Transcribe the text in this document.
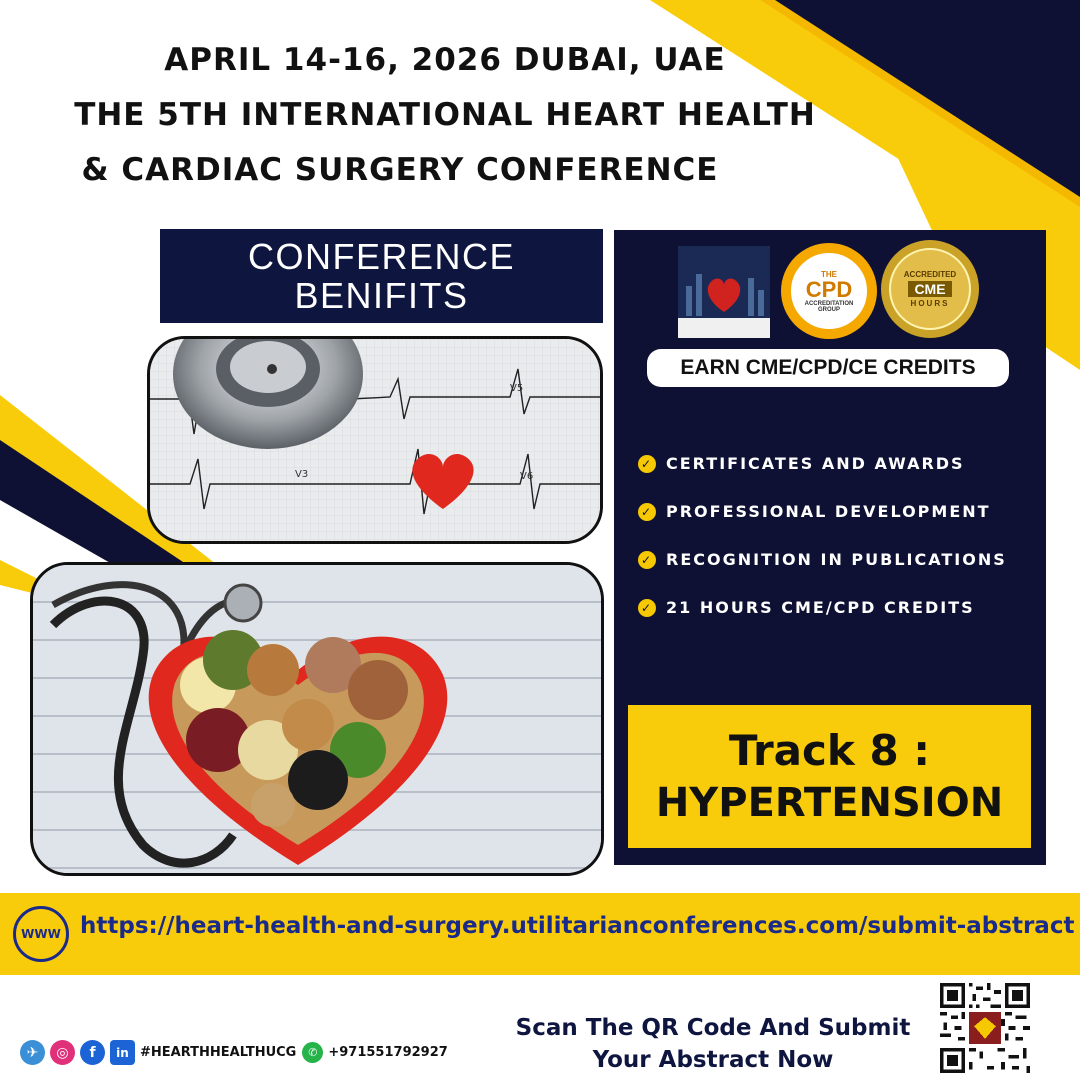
APRIL 14-16, 2026 DUBAI, UAE
THE 5TH INTERNATIONAL HEART HEALTH
& CARDIAC SURGERY CONFERENCE
CONFERENCE
BENIFITS
V5
V3	V6
THE
CPD
ACCREDITATION
GROUP
ACCREDITED
CME
HOURS
EARN CME/CPD/CE CREDITS
✓ CERTIFICATES AND AWARDS
✓ PROFESSIONAL DEVELOPMENT
✓ RECOGNITION IN PUBLICATIONS
✓ 21 HOURS CME/CPD CREDITS
Track 8 :
HYPERTENSION
WWW https://heart-health-and-surgery.utilitarianconferences.com/submit-abstract
✈	◎	f	in #HEARTHHEALTHUCG	✆ +971551792927
Scan The QR Code And Submit
Your Abstract Now
